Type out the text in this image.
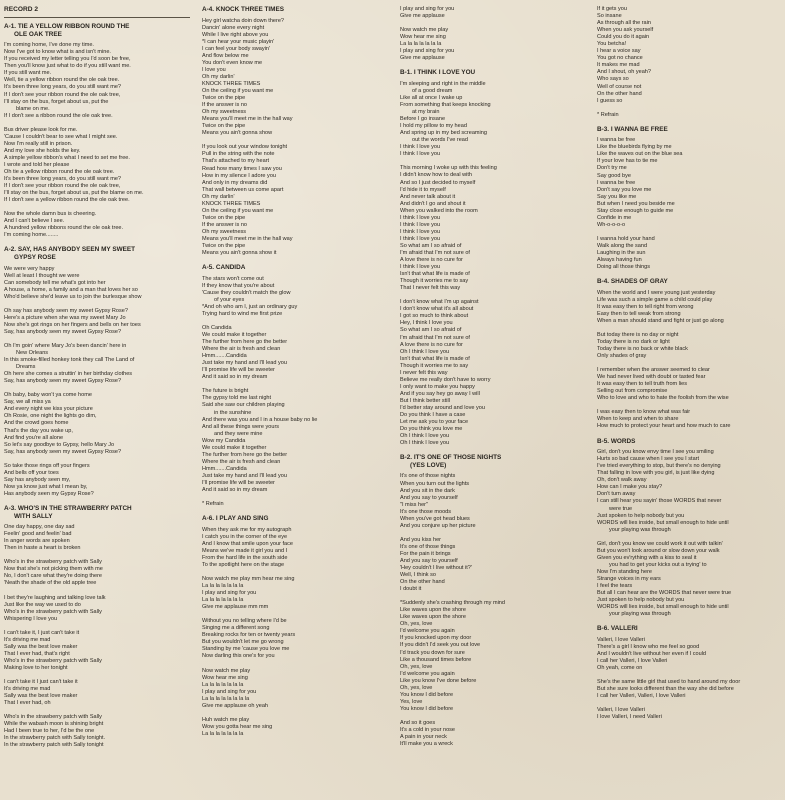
RECORD 2
A-1. TIE A YELLOW RIBBON ROUND THE
OLE OAK TREE
I'm coming home, I've done my time.
Now I've got to know what is and isn't mine.
If you received my letter telling you I'd soon be free,
Then you'll know just what to do if you still want me.
If you still want me.
Well, tie a yellow ribbon round the ole oak tree.
It's been three long years, do you still want me?
If I don't see your ribbon round the ole oak tree,
I'll stay on the bus, forget about us, put the
blame on me.
If I don't see a ribbon round the ole oak tree.
Bus driver please look for me.
'Cause I couldn't bear to see what I might see.
Now I'm really still in prison.
And my love she holds the key.
A simple yellow ribbon's what I need to set me free.
I wrote and told her please
Oh tie a yellow ribbon round the ole oak tree.
It's been three long years, do you still want me?
If I don't see your ribbon round the ole oak tree,
I'll stay on the bus, forget about us, put the blame on me.
If I don't see a yellow ribbon round the ole oak tree.
Now the whole damn bus is cheering.
And I can't believe I see.
A hundred yellow ribbons round the ole oak tree.
I'm coming home........
A-2. SAY, HAS ANYBODY SEEN MY SWEET
GYPSY ROSE
We were very happy
Well at least I thought we were
Can somebody tell me what's got into her
A house, a home, a family and a man that loves her so
Who'd believe she'd leave us to join the burlesque show
Oh say has anybody seen my sweet Gypsy Rose?
Here's a picture when she was my sweet Mary Jo
Now she's got rings on her fingers and bells on her toes
Say, has anybody seen my sweet Gypsy Rose?
Oh I'm goin' where Mary Jo's been dancin' here in
New Orleans
In this smoke-filled honkey tonk they call The Land of
Dreams
Oh here she comes a struttin' in her birthday clothes
Say, has anybody seen my sweet Gypsy Rose?
Oh baby, baby won't ya come home
Say, we all miss ya
And every night we kiss your picture
Oh Rosie, one night the lights go dim,
And the crowd goes home
That's the day you wake up,
And find you're all alone
So let's say goodbye to Gypsy, hello Mary Jo
Say, has anybody seen my sweet Gypsy Rose?
So take those rings off your fingers
And bells off your toes
Say has anybody seen my,
Now ya know just what I mean by,
Has anybody seen my Gypsy Rose?
A-3. WHO'S IN THE STRAWBERRY PATCH
WITH SALLY
One day happy, one day sad
Feelin' good and feelin' bad
In anger words are spoken
Then in haste a heart is broken
Who's in the strawberry patch with Sally
Now that she's not picking them with me
No, I don't care what they're doing there
'Neath the shade of the old apple tree
I bet they're laughing and talking love talk
Just like the way we used to do
Who's in the strawberry patch with Sally
Whispering I love you
I can't take it, I just can't take it
It's driving me mad
Sally was the best love maker
That I ever had, that's right
Who's in the strawberry patch with Sally
Making love to her tonight
I can't take it I just can't take it
It's driving me mad
Sally was the best love maker
That I ever had, oh
Who's in the strawberry patch with Sally
While the wabash moon is shining bright
Had I been true to her, I'd be the one
In the strawberry patch with Sally tonight.
In the strawberry patch with Sally tonight
A-4. KNOCK THREE TIMES
Hey girl watcha doin down there?
Dancin' alone every night
While I live right above you
*I can hear your music playin'
I can feel your body swayin'
And flow below me
You don't even know me
I love you
Oh my darlin'
KNOCK THREE TIMES
On the ceiling if you want me
Twice on the pipe
If the answer is no
Oh my sweetness
Means you'll meet me in the hall way
Twice on the pipe
Means you ain't gonna show
If you look out your window tonight
Pull in the string with the note
That's attached to my heart
Read how many times I saw you
How in my silence I adore you
And only in my dreams did
That wall between us come apart
Oh my darlin'
KNOCK THREE TIMES
On the ceiling if you want me
Twice on the pipe
If the answer is no
Oh my sweetness
Means you'll meet me in the hall way
Twice on the pipe
Means you ain't gonna show it
A-5. CANDIDA
The stars won't come out
If they know that you're about
'Cause they couldn't match the glow
of your eyes
*And oh who am I, just an ordinary guy
Trying hard to wind me first prize
Oh Candida
We could make it together
The further from here go the better
Where the air is fresh and clean
Hmm.......Candida
Just take my hand and I'll lead you
I'll promise life will be sweeter
And it said so in my dream
The future is bright
The gypsy told me last night
Said she saw our children playing
in the sunshine
And there was you and I in a house baby no lie
And all these things were yours
and they were mine
Wow my Candida
We could make it together
The further from here go the better
Where the air is fresh and clean
Hmm.......Candida
Just take my hand and I'll lead you
I'll promise life will be sweeter
And it said so in my dream
* Refrain
A-6. I PLAY AND SING
When they ask me for my autograph
I catch you in the corner of the eye
And I know that smile upon your face
Means we've made it girl you and I
From the hard life in the south side
To the spotlight here on the stage
Now watch me play mm hear me sing
La la la la la la la
I play and sing for you
La la la la la la la
Give me applause mm mm
Without you no telling where I'd be
Singing me a different song
Breaking rocks for ten or twenty years
But you wouldn't let me go wrong
Standing by me 'cause you love me
Now darling this one's for you
Now watch me play
Wow hear me sing
La la la la la la la
I play and sing for you
La la la la la la la la
Give me applause oh yeah
Huh watch me play
Wow you gotta hear me sing
La la la la la la la
I play and sing for you
Give me applause
Now watch me play
Wow hear me sing
La la la la la la la
I play and sing for you
Give me applause
B-1. I THINK I LOVE YOU
I'm sleeping and right in the middle
of a good dream
Like all at once I wake up
From something that keeps knocking
at my brain
Before I go insane
I hold my pillow to my head
And spring up in my bed screaming
out the words I've read
I think I love you
I think I love you
This morning I woke up with this feeling
I didn't know how to deal with
And so I just decided to myself
I'd hide it to myself
And never talk about it
And didn't I go and shout it
When you walked into the room
I think I love you
I think I love you
I think I love you
I think I love you
So what am I so afraid of
I'm afraid that I'm not sure of
A love there is no cure for
I think I love you
Isn't that what life is made of
Though it worries me to say
That I never felt this way
I don't know what I'm up against
I don't know what it's all about
I got so much to think about
Hey, I think I love you
So what am I so afraid of
I'm afraid that I'm not sure of
A love there is no cure for
Oh I think I love you
Isn't that what life is made of
Though it worries me to say
I never felt this way
Believe me really don't have to worry
I only want to make you happy
And if you say hey go away I will
But I think better still
I'd better stay around and love you
Do you think I have a case
Let me ask you to your face
Do you think you love me
Oh I think I love you
Oh I think I love you
B-2. IT'S ONE OF THOSE NIGHTS
(YES LOVE)
It's one of those nights
When you turn out the lights
And you sit in the dark
And you say to yourself
"I miss her"
It's one those moods
When you've got head blues
And you conjure up her picture
And you kiss her
It's one of those things
For the pain it brings
And you say to yourself
'Hey couldn't I live without it?'
Well, I think so
On the other hand
I doubt it
*Suddenly she's crashing through my mind
Like waves upon the shore
Like waves upon the shore
Oh, yes, love
I'd welcome you again
If you knocked upon my door
If you didn't I'd seek you out love
I'd track you down for sure
Like a thousand times before
Oh, yes, love
I'd welcome you again
Like you know I've done before
Oh, yes, love
You know I did before
Yes, love
You know I did before
And so it goes
It's a cold in your nose
A pain in your neck
It'll make you a wreck
If it gets you
So insane
As through all the rain
When you ask yourself
Could you do it again
You betcha!
I hear a voice say
You got no chance
It makes me mad
And I shout, oh yeah?
Who says so
Well of course not
On the other hand
I guess so
* Refrain
B-3. I WANNA BE FREE
I wanna be free
Like the bluebirds flying by me
Like the waves out on the blue sea
If your love has to tie me
Don't try me
Say good bye
I wanna be free
Don't say you love me
Say you like me
But when I need you beside me
Stay close enough to guide me
Confide in me
Wh-o-o-o-o
I wanna hold your hand
Walk along the sand
Laughing in the sun
Always having fun
Doing all those things
B-4. SHADES OF GRAY
When the world and I were young just yesterday
Life was such a simple game a child could play
It was easy then to tell right from wrong
Easy then to tell weak from strong
When a man should stand and fight or just go along
But today there is no day or night
Today there is no dark or light
Today there is no back or white black
Only shades of gray
I remember when the answer seemed to clear
We had never lived with doubt or tasted fear
It was easy then to tell truth from lies
Selling out from compromise
Who to love and who to hate the foolish from the wise
I was easy then to know what was fair
When to keep and when to share
How much to protect your heart and how much to care
B-5. WORDS
Girl, don't you know envy time I see you smiling
Hurts so bad cause when I see you I start
I've tried everything to stop, but there's no denying
That falling in love with you girl, is just like dying
Oh, don't walk away
How can I make you stay?
Don't turn away
I can still hear you sayin' those WORDS that never
were true
Just spoken to help nobody but you
WORDS will lies inside, but small enough to hide until
your playing was through
Girl, don't you know we could work it out with talkin'
But you won't look around or slow down your walk
Given you ev'rything with a kiss to seal it
you had to get your kicks out a trying' to
Now I'm standing here
Strange voices in my ears
I feel the tears
But all I can hear are the WORDS that never were true
Just spoken to help nobody but you
WORDS will lies inside, but small enough to hide until
your playing was through
B-6. VALLERI
Valleri, I love Valleri
There's a girl I know who me feel so good
And I wouldn't live without her even if I could
I call her Valleri, I love Valleri
Oh yeah, come on
She's the same little girl that used to hand around my door
But she sure looks different than the way she did before
I call her Valleri, Valleri, I love Valleri
Valleri, I love Valleri
I love Valleri, I need Valleri
